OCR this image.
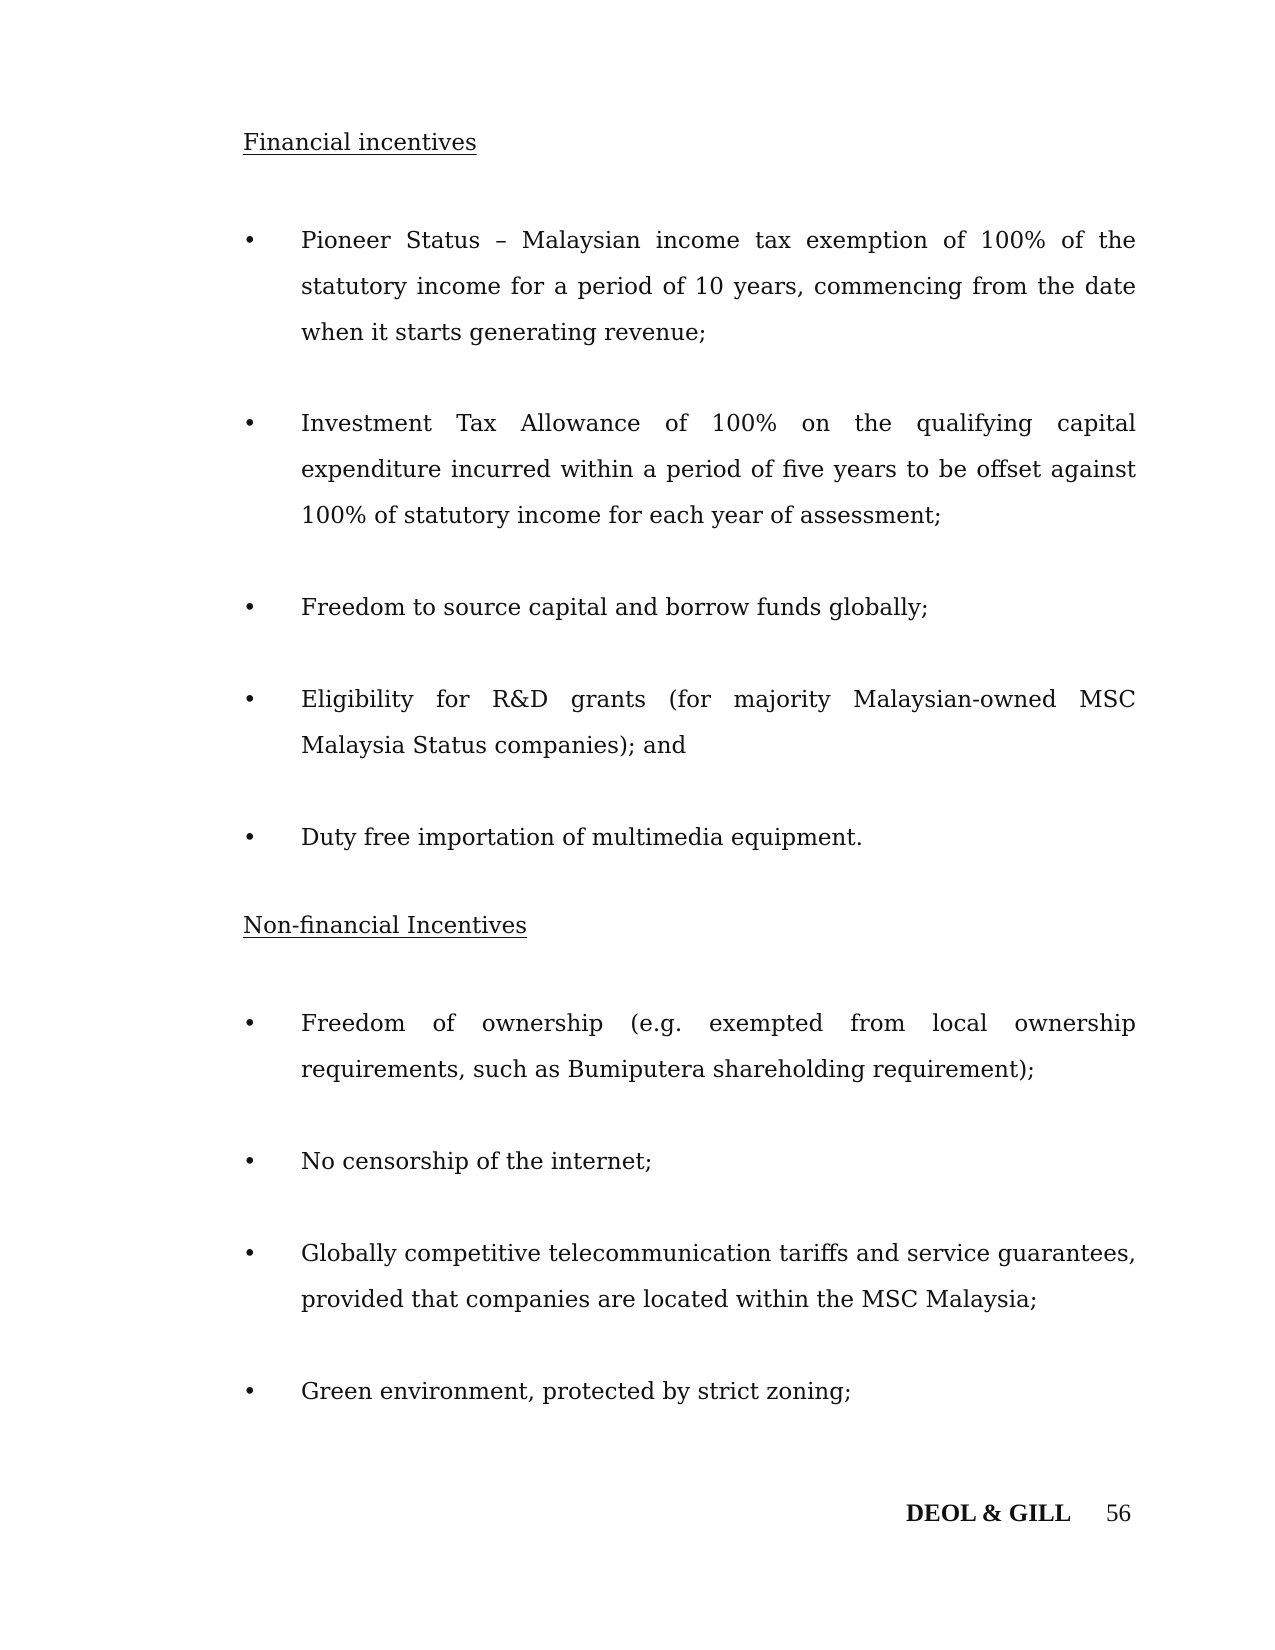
Financial incentives
• Pioneer Status – Malaysian income tax exemption of 100% of the statutory income for a period of 10 years, commencing from the date when it starts generating revenue;
• Investment Tax Allowance of 100% on the qualifying capital expenditure incurred within a period of five years to be offset against 100% of statutory income for each year of assessment;
• Freedom to source capital and borrow funds globally;
• Eligibility for R&D grants (for majority Malaysian-owned MSC Malaysia Status companies); and
• Duty free importation of multimedia equipment.
Non-financial Incentives
• Freedom of ownership (e.g. exempted from local ownership requirements, such as Bumiputera shareholding requirement);
• No censorship of the internet;
• Globally competitive telecommunication tariffs and service guarantees, provided that companies are located within the MSC Malaysia;
• Green environment, protected by strict zoning;
DEOL & GILL 56
